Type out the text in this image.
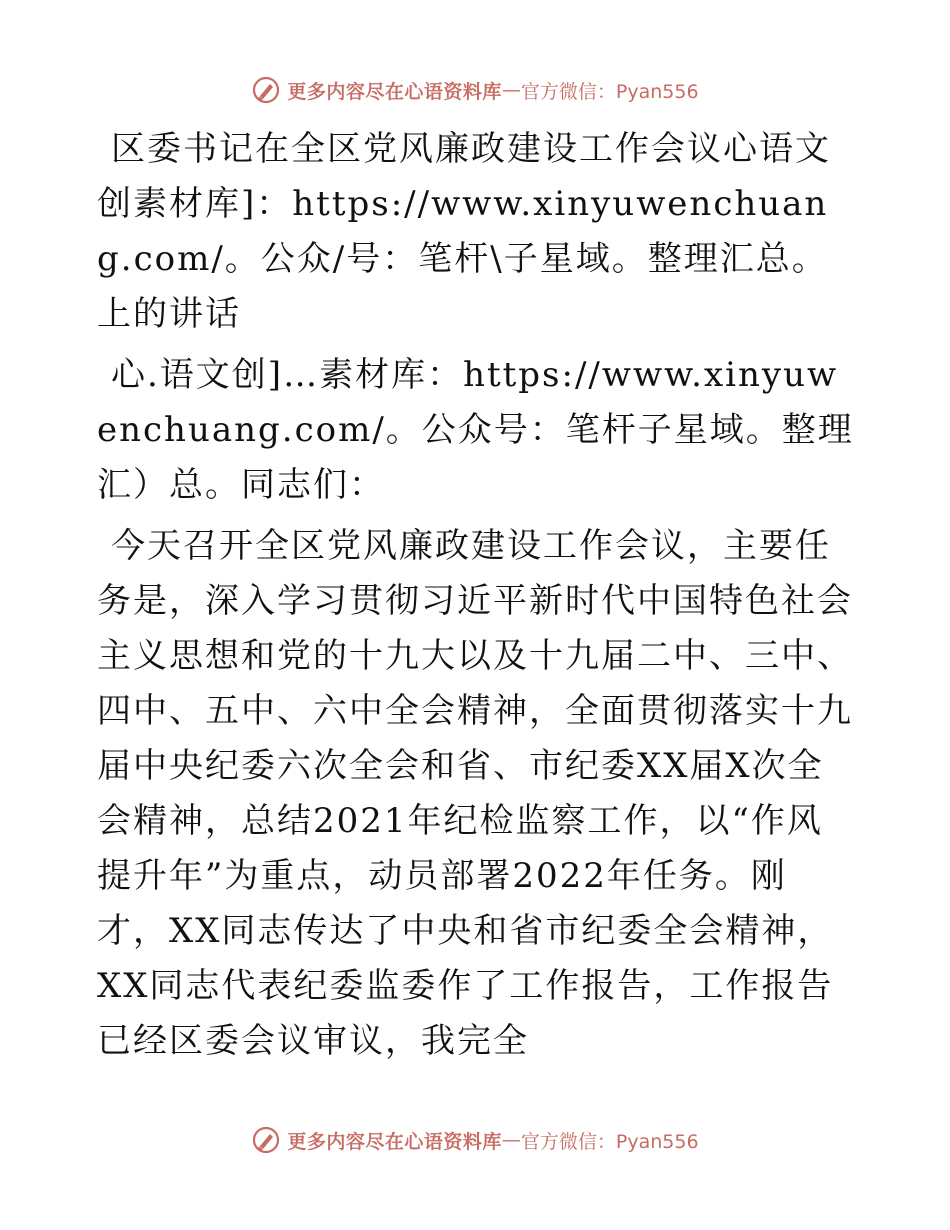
更多内容尽在心语资料库 — 官方微信：Pyan556

区委书记在全区党风廉政建设工作会议心语文创素材库]：https://www.xinyuwenchuang.com/。公众/号：笔杆\子星域。整理汇总。上的讲话

心.语文创]…素材库：https://www.xinyuwenchuang.com/。公众号：笔杆子星域。整理汇）总。同志们：

今天召开全区党风廉政建设工作会议，主要任务是，深入学习贯彻习近平新时代中国特色社会主义思想和党的十九大以及十九届二中、三中、四中、五中、六中全会精神，全面贯彻落实十九届中央纪委六次全会和省、市纪委XX届X次全会精神，总结2021年纪检监察工作，以“作风提升年”为重点，动员部署2022年任务。刚才，XX同志传达了中央和省市纪委全会精神，XX同志代表纪委监委作了工作报告，工作报告已经区委会议审议，我完全

更多内容尽在心语资料库 — 官方微信：Pyan556
